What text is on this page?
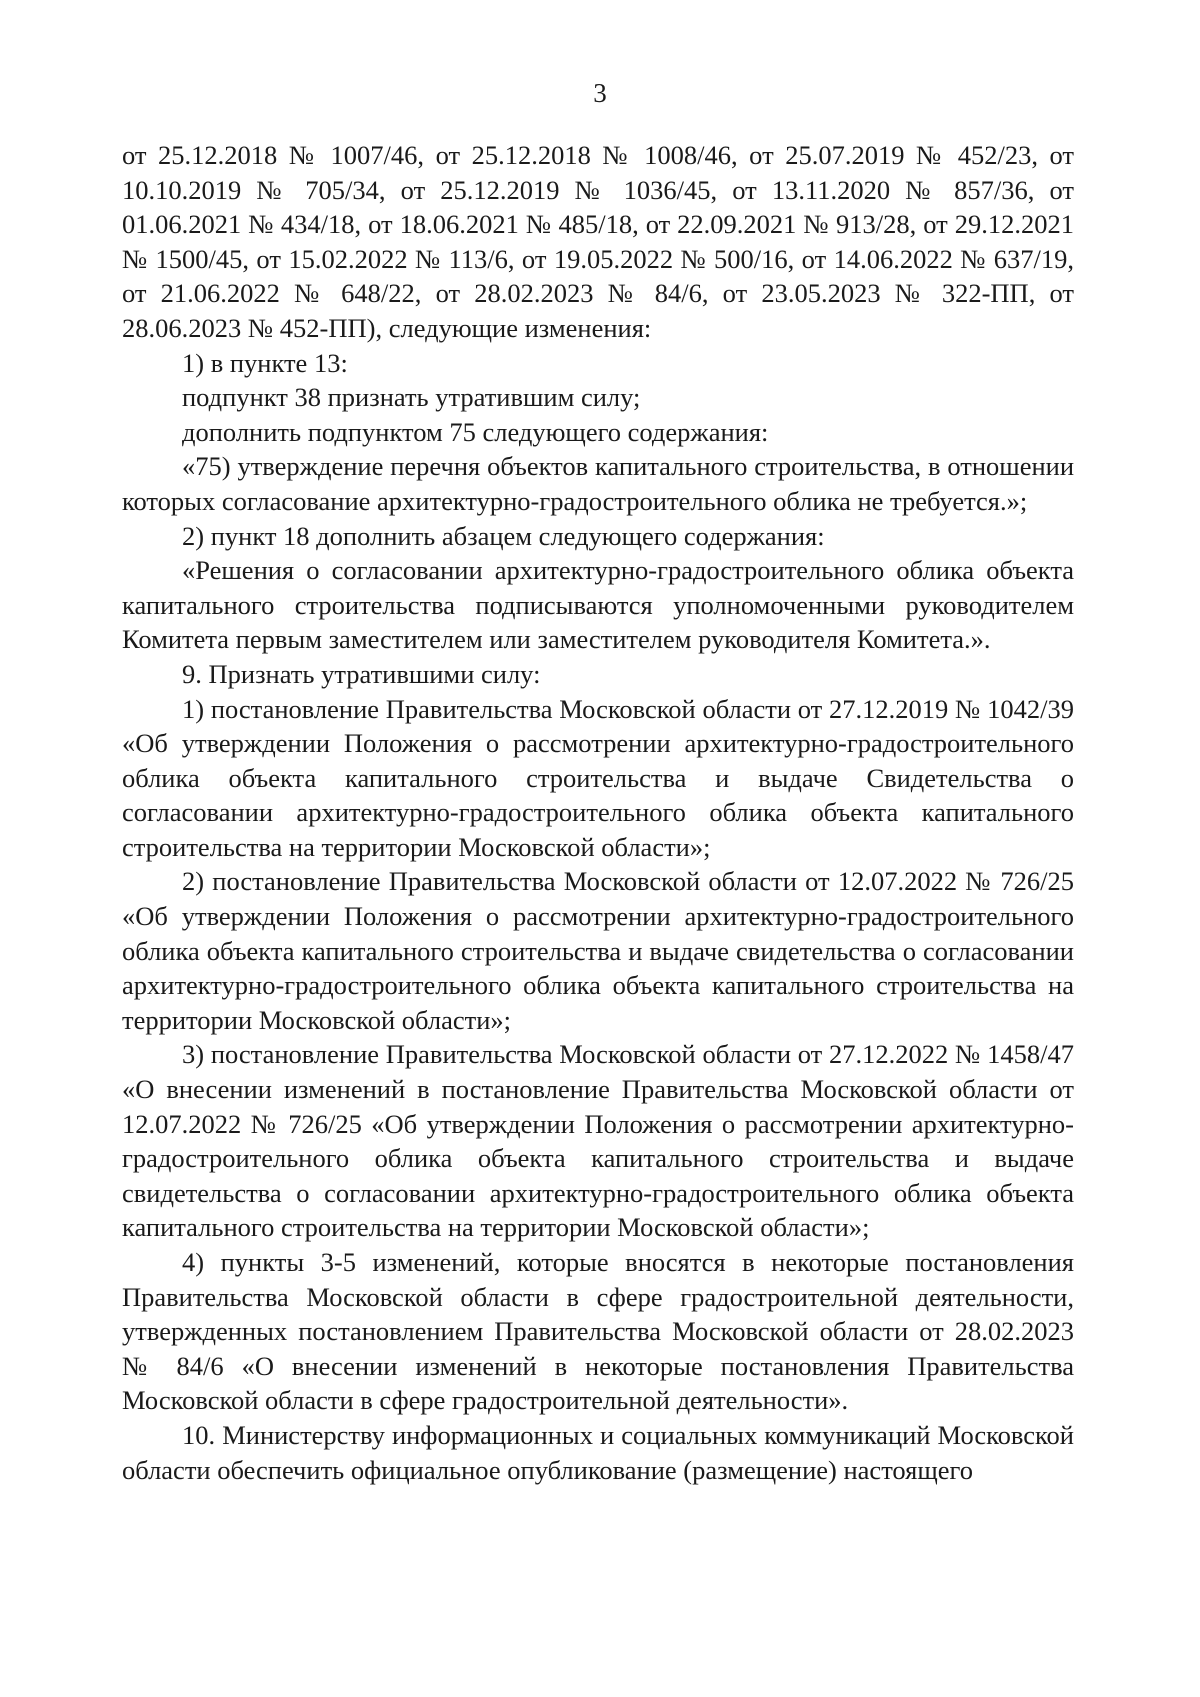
3

от 25.12.2018 № 1007/46, от 25.12.2018 № 1008/46, от 25.07.2019 № 452/23, от 10.10.2019 № 705/34, от 25.12.2019 № 1036/45, от 13.11.2020 № 857/36, от 01.06.2021 № 434/18, от 18.06.2021 № 485/18, от 22.09.2021 № 913/28, от 29.12.2021 № 1500/45, от 15.02.2022 № 113/6, от 19.05.2022 № 500/16, от 14.06.2022 № 637/19, от 21.06.2022 № 648/22, от 28.02.2023 № 84/6, от 23.05.2023 № 322-ПП, от 28.06.2023 № 452-ПП), следующие изменения:

1) в пункте 13:

подпункт 38 признать утратившим силу;

дополнить подпунктом 75 следующего содержания:

«75) утверждение перечня объектов капитального строительства, в отношении которых согласование архитектурно-градостроительного облика не требуется.»;

2) пункт 18 дополнить абзацем следующего содержания:

«Решения о согласовании архитектурно-градостроительного облика объекта капитального строительства подписываются уполномоченными руководителем Комитета первым заместителем или заместителем руководителя Комитета.».

9. Признать утратившими силу:

1) постановление Правительства Московской области от 27.12.2019 № 1042/39 «Об утверждении Положения о рассмотрении архитектурно-градостроительного облика объекта капитального строительства и выдаче Свидетельства о согласовании архитектурно-градостроительного облика объекта капитального строительства на территории Московской области»;

2) постановление Правительства Московской области от 12.07.2022 № 726/25 «Об утверждении Положения о рассмотрении архитектурно-градостроительного облика объекта капитального строительства и выдаче свидетельства о согласовании архитектурно-градостроительного облика объекта капитального строительства на территории Московской области»;

3) постановление Правительства Московской области от 27.12.2022 № 1458/47 «О внесении изменений в постановление Правительства Московской области от 12.07.2022 № 726/25 «Об утверждении Положения о рассмотрении архитектурно-градостроительного облика объекта капитального строительства и выдаче свидетельства о согласовании архитектурно-градостроительного облика объекта капитального строительства на территории Московской области»;

4) пункты 3-5 изменений, которые вносятся в некоторые постановления Правительства Московской области в сфере градостроительной деятельности, утвержденных постановлением Правительства Московской области от 28.02.2023 № 84/6 «О внесении изменений в некоторые постановления Правительства Московской области в сфере градостроительной деятельности».

10. Министерству информационных и социальных коммуникаций Московской области обеспечить официальное опубликование (размещение) настоящего
